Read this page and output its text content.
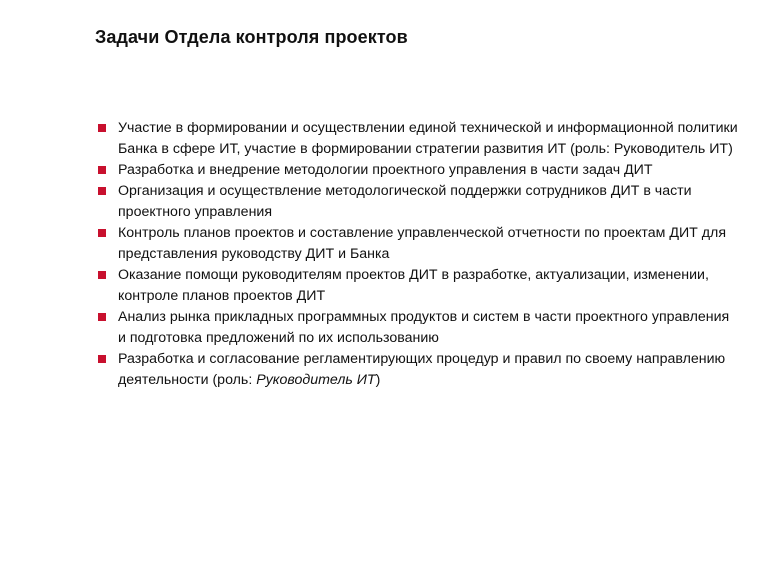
Задачи Отдела контроля проектов
Участие в формировании и осуществлении единой технической и информационной политики Банка в сфере ИТ, участие в формировании стратегии развития ИТ (роль: Руководитель ИТ)
Разработка и внедрение методологии проектного управления в части задач ДИТ
Организация и осуществление методологической поддержки сотрудников ДИТ в части проектного управления
Контроль планов проектов и составление управленческой отчетности по проектам ДИТ для представления руководству ДИТ и Банка
Оказание помощи руководителям проектов ДИТ в разработке, актуализации, изменении, контроле планов проектов ДИТ
Анализ рынка прикладных программных продуктов и систем в части проектного управления и подготовка предложений по их использованию
Разработка и согласование регламентирующих процедур и правил по своему направлению деятельности (роль: Руководитель ИТ)
